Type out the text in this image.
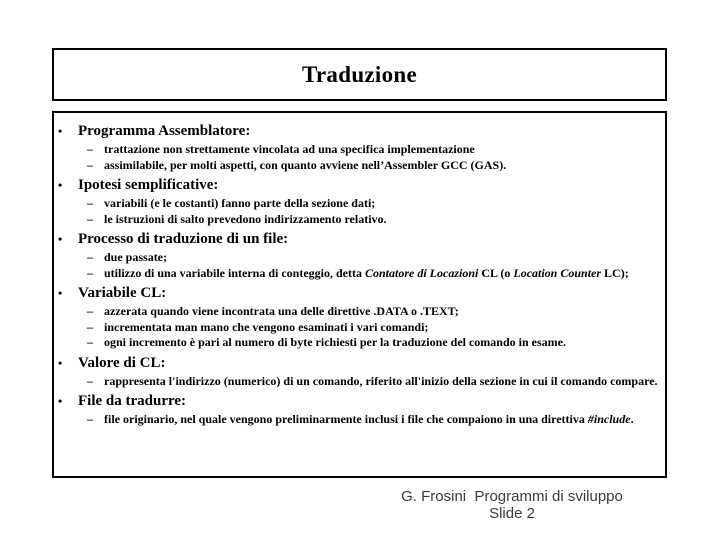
Traduzione
•	Programma Assemblatore:
– trattazione non strettamente vincolata ad una specifica implementazione
– assimilabile, per molti aspetti, con quanto avviene nell’Assembler GCC (GAS).
•	Ipotesi semplificative:
– variabili (e le costanti) fanno parte della sezione dati;
– le istruzioni di salto prevedono indirizzamento relativo.
•	Processo di traduzione di un file:
– due passate;
– utilizzo di una variabile interna di conteggio, detta Contatore di Locazioni CL (o Location Counter LC);
•	Variabile CL:
– azzerata quando viene incontrata una delle direttive .DATA o .TEXT;
– incrementata man mano che vengono esaminati i vari comandi;
– ogni incremento è pari al numero di byte richiesti per la traduzione del comando in esame.
•	Valore di CL:
– rappresenta l'indirizzo (numerico) di un comando, riferito all'inizio della sezione in cui il comando compare.
•	File da tradurre:
– file originario, nel quale vengono preliminarmente inclusi i file che compaiono in una direttiva #include.
G. Frosini  Programmi di sviluppo
Slide 2
